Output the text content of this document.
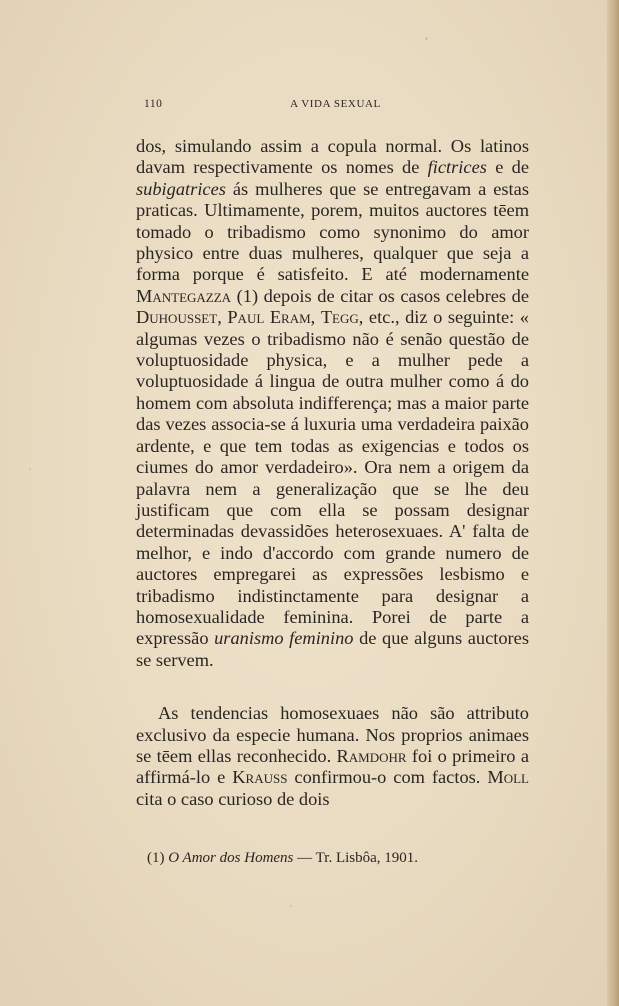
110	A VIDA SEXUAL

dos, simulando assim a copula normal. Os latinos davam respectivamente os nomes de fictrices e de subigatrices ás mulheres que se entregavam a estas praticas. Ultimamente, porem, muitos auctores tēem tomado o tribadismo como synonimo do amor physico entre duas mulheres, qualquer que seja a forma porque é satisfeito. E até modernamente Mantegazza (1) depois de citar os casos celebres de Duhousset, Paul Eram, Tegg, etc., diz o seguinte: « algumas vezes o tribadismo não é senão questão de voluptuosidade physica, e a mulher pede a voluptuosidade á lingua de outra mulher como á do homem com absoluta indifferença; mas a maior parte das vezes associa-se á luxuria uma verdadeira paixão ardente, e que tem todas as exigencias e todos os ciumes do amor verdadeiro». Ora nem a origem da palavra nem a generalização que se lhe deu justificam que com ella se possam designar determinadas devassidões heterosexuaes. A' falta de melhor, e indo d'accordo com grande numero de auctores empregarei as expressões lesbismo e tribadismo indistinctamente para designar a homosexualidade feminina. Porei de parte a expressão uranismo feminino de que alguns auctores se servem.

As tendencias homosexuaes não são attributo exclusivo da especie humana. Nos proprios animaes se tēem ellas reconhecido. Ramdohr foi o primeiro a affirmá-lo e Krauss confirmou-o com factos. Moll cita o caso curioso de dois

(1) O Amor dos Homens — Tr. Lisbôa, 1901.
